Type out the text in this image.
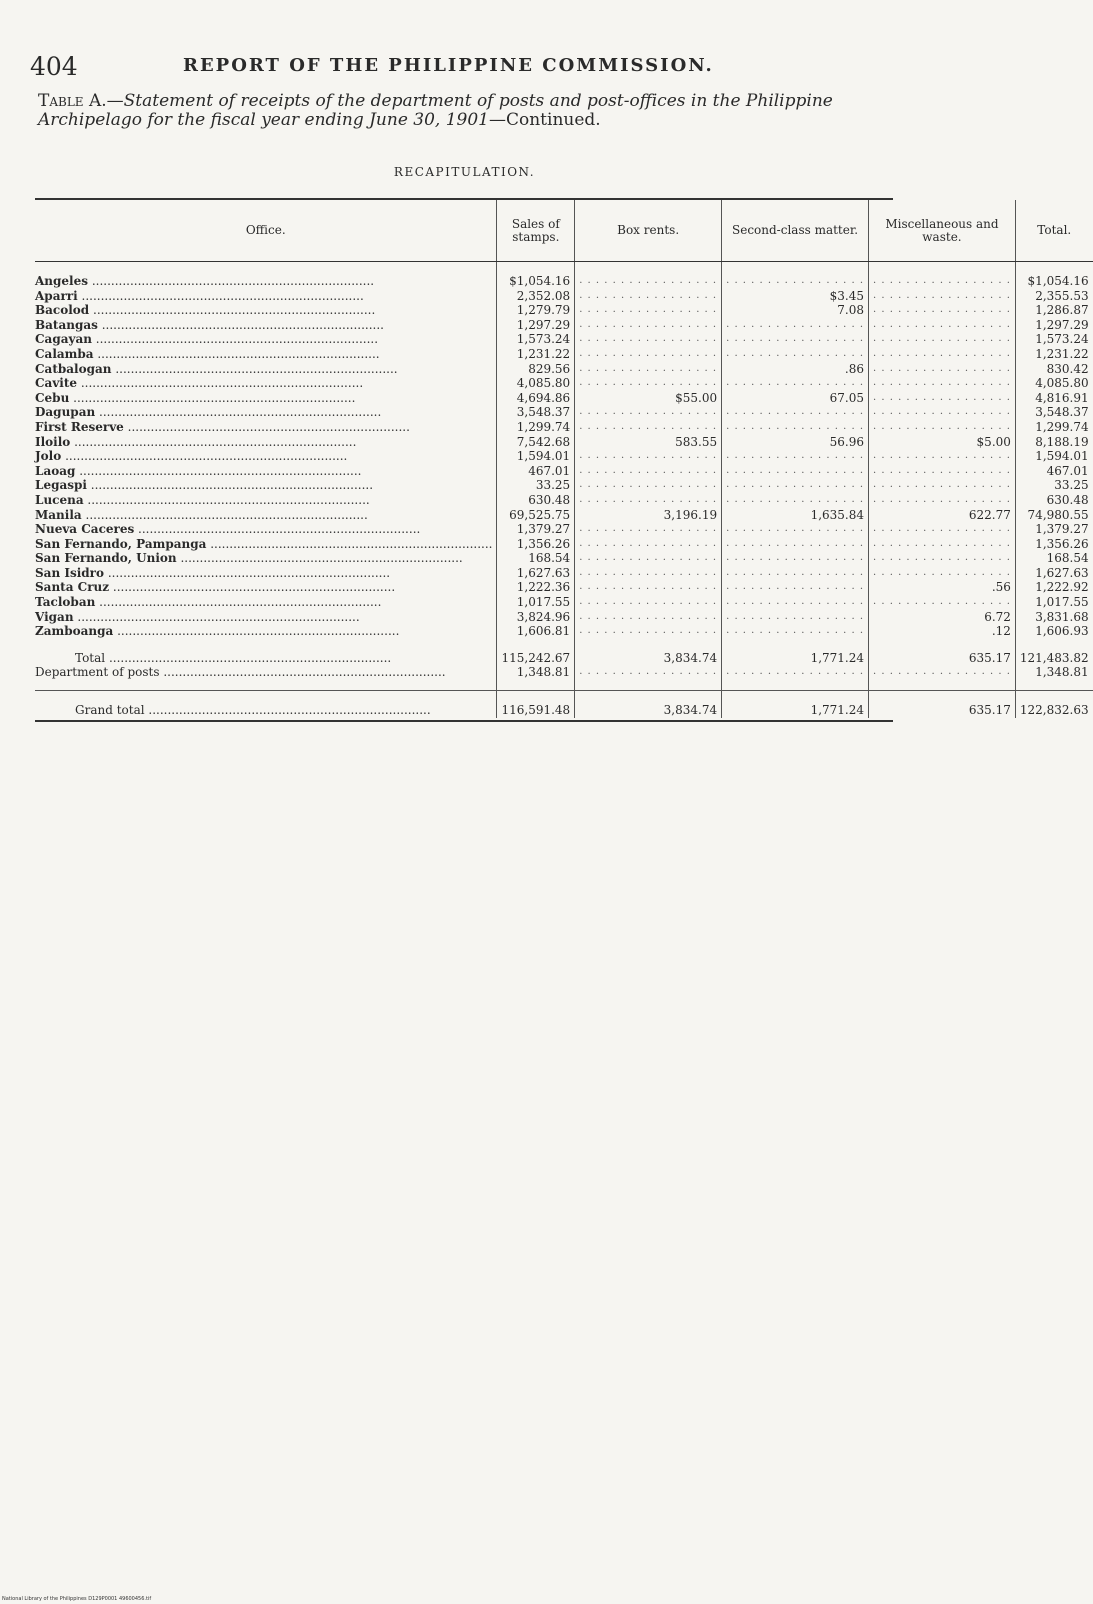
404	REPORT OF THE PHILIPPINE COMMISSION.
Table A.—Statement of receipts of the department of posts and post-offices in the Philippine Archipelago for the fiscal year ending June 30, 1901—Continued.
RECAPITULATION.
Office.	Sales of stamps.	Box rents.	Second-class matter.	Miscellaneous and waste.	Total.

Angeles ..........................................................................	$1,054.16	. . . . . . . . . . . . . . . . .	. . . . . . . . . . . . . . . . .	. . . . . . . . . . . . . . . . .	$1,054.16
Aparri ..........................................................................	2,352.08	. . . . . . . . . . . . . . . . .	$3.45	. . . . . . . . . . . . . . . . .	2,355.53
Bacolod ..........................................................................	1,279.79	. . . . . . . . . . . . . . . . .	7.08	. . . . . . . . . . . . . . . . .	1,286.87
Batangas ..........................................................................	1,297.29	. . . . . . . . . . . . . . . . .	. . . . . . . . . . . . . . . . .	. . . . . . . . . . . . . . . . .	1,297.29
Cagayan ..........................................................................	1,573.24	. . . . . . . . . . . . . . . . .	. . . . . . . . . . . . . . . . .	. . . . . . . . . . . . . . . . .	1,573.24
Calamba ..........................................................................	1,231.22	. . . . . . . . . . . . . . . . .	. . . . . . . . . . . . . . . . .	. . . . . . . . . . . . . . . . .	1,231.22
Catbalogan ..........................................................................	829.56	. . . . . . . . . . . . . . . . .	.86	. . . . . . . . . . . . . . . . .	830.42
Cavite ..........................................................................	4,085.80	. . . . . . . . . . . . . . . . .	. . . . . . . . . . . . . . . . .	. . . . . . . . . . . . . . . . .	4,085.80
Cebu ..........................................................................	4,694.86	$55.00	67.05	. . . . . . . . . . . . . . . . .	4,816.91
Dagupan ..........................................................................	3,548.37	. . . . . . . . . . . . . . . . .	. . . . . . . . . . . . . . . . .	. . . . . . . . . . . . . . . . .	3,548.37
First Reserve ..........................................................................	1,299.74	. . . . . . . . . . . . . . . . .	. . . . . . . . . . . . . . . . .	. . . . . . . . . . . . . . . . .	1,299.74
Iloilo ..........................................................................	7,542.68	583.55	56.96	$5.00	8,188.19
Jolo ..........................................................................	1,594.01	. . . . . . . . . . . . . . . . .	. . . . . . . . . . . . . . . . .	. . . . . . . . . . . . . . . . .	1,594.01
Laoag ..........................................................................	467.01	. . . . . . . . . . . . . . . . .	. . . . . . . . . . . . . . . . .	. . . . . . . . . . . . . . . . .	467.01
Legaspi ..........................................................................	33.25	. . . . . . . . . . . . . . . . .	. . . . . . . . . . . . . . . . .	. . . . . . . . . . . . . . . . .	33.25
Lucena ..........................................................................	630.48	. . . . . . . . . . . . . . . . .	. . . . . . . . . . . . . . . . .	. . . . . . . . . . . . . . . . .	630.48
Manila ..........................................................................	69,525.75	3,196.19	1,635.84	622.77	74,980.55
Nueva Caceres ..........................................................................	1,379.27	. . . . . . . . . . . . . . . . .	. . . . . . . . . . . . . . . . .	. . . . . . . . . . . . . . . . .	1,379.27
San Fernando, Pampanga ..........................................................................	1,356.26	. . . . . . . . . . . . . . . . .	. . . . . . . . . . . . . . . . .	. . . . . . . . . . . . . . . . .	1,356.26
San Fernando, Union ..........................................................................	168.54	. . . . . . . . . . . . . . . . .	. . . . . . . . . . . . . . . . .	. . . . . . . . . . . . . . . . .	168.54
San Isidro ..........................................................................	1,627.63	. . . . . . . . . . . . . . . . .	. . . . . . . . . . . . . . . . .	. . . . . . . . . . . . . . . . .	1,627.63
Santa Cruz ..........................................................................	1,222.36	. . . . . . . . . . . . . . . . .	. . . . . . . . . . . . . . . . .	.56	1,222.92
Tacloban ..........................................................................	1,017.55	. . . . . . . . . . . . . . . . .	. . . . . . . . . . . . . . . . .	. . . . . . . . . . . . . . . . .	1,017.55
Vigan ..........................................................................	3,824.96	. . . . . . . . . . . . . . . . .	. . . . . . . . . . . . . . . . .	6.72	3,831.68
Zamboanga ..........................................................................	1,606.81	. . . . . . . . . . . . . . . . .	. . . . . . . . . . . . . . . . .	.12	1,606.93

Total ..........................................................................	115,242.67	3,834.74	1,771.24	635.17	121,483.82
Department of posts ..........................................................................	1,348.81	. . . . . . . . . . . . . . . . .	. . . . . . . . . . . . . . . . .	. . . . . . . . . . . . . . . . .	1,348.81

Grand total ..........................................................................	116,591.48	3,834.74	1,771.24	635.17	122,832.63
National Library of the Philippines D129P0001 49600456.tif
